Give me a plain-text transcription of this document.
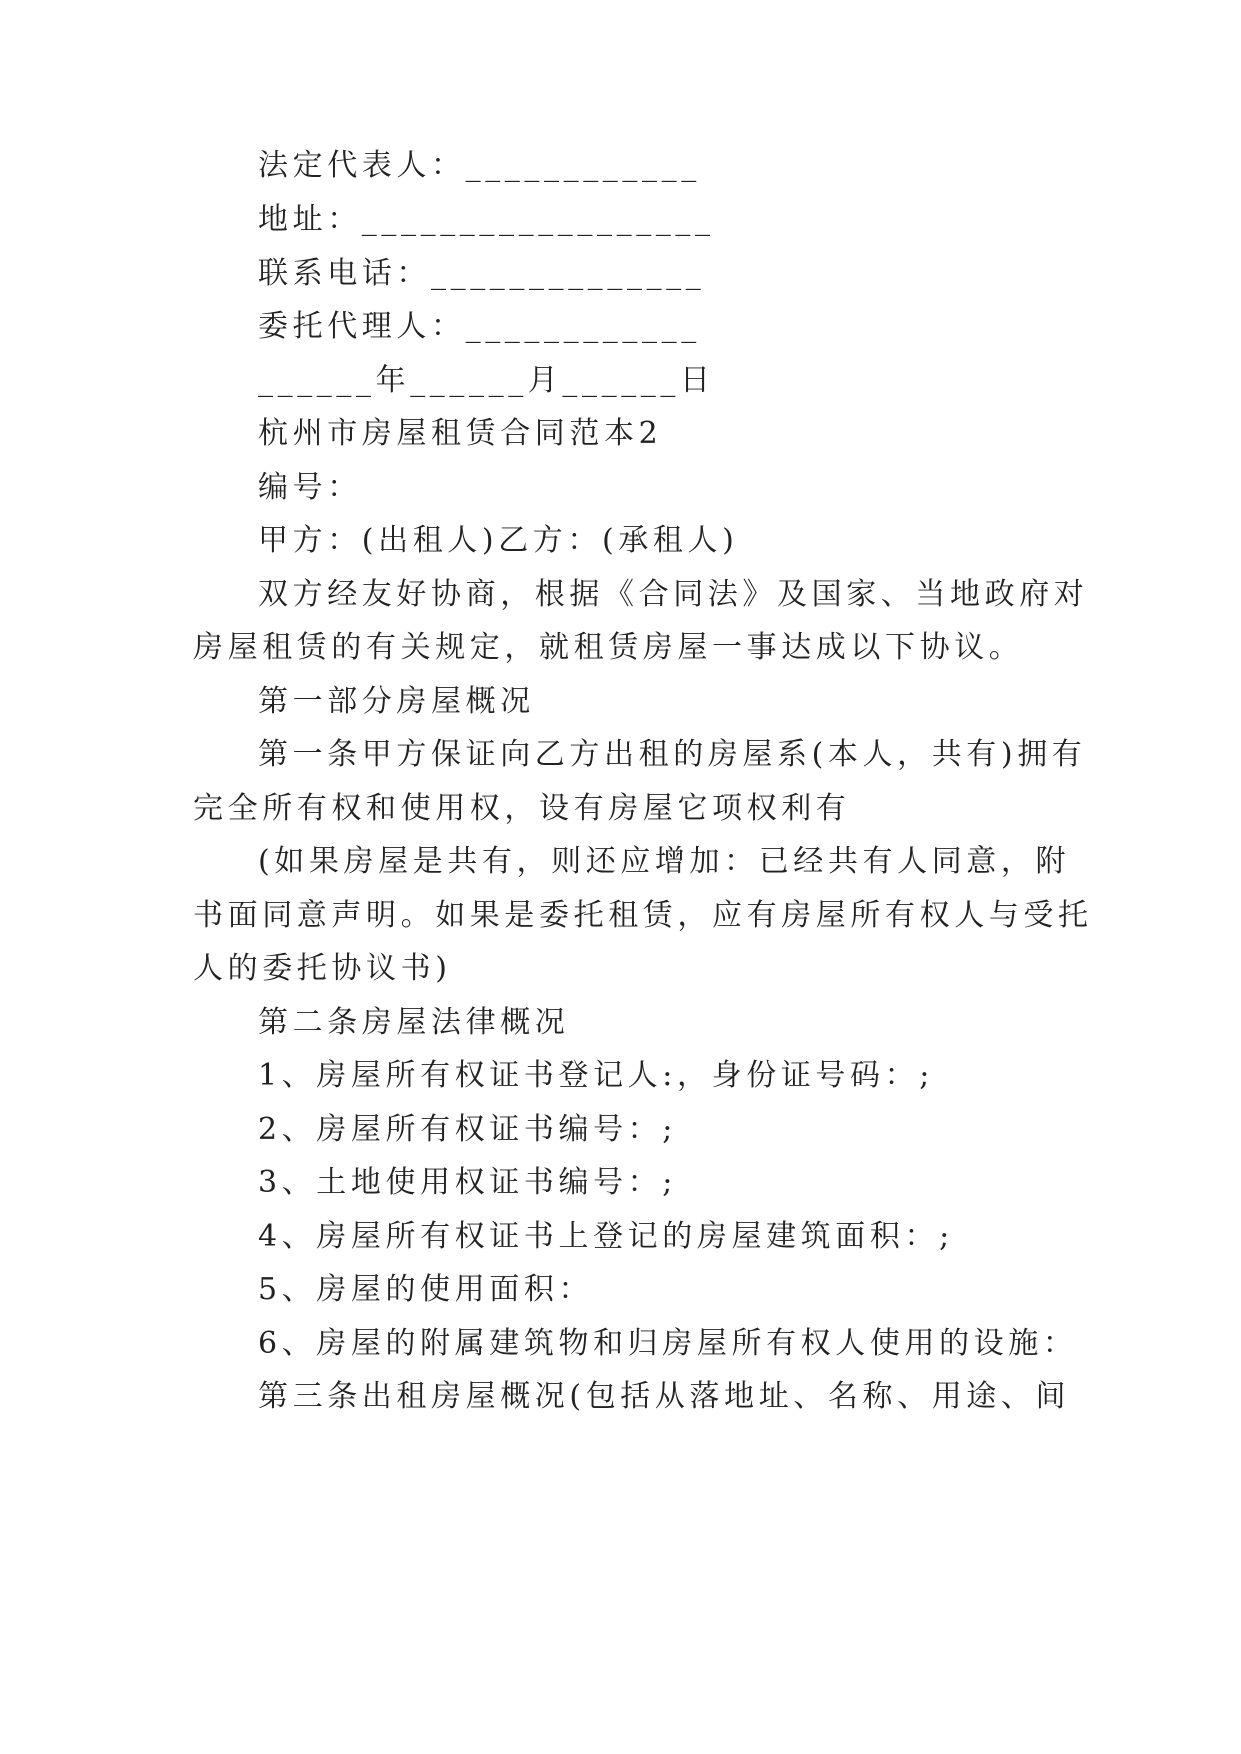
法定代表人：____________
地址：__________________
联系电话：______________
委托代理人：____________
______年______月______日
杭州市房屋租赁合同范本2
编号：
甲方：(出租人)乙方：(承租人)
双方经友好协商，根据《合同法》及国家、当地政府对
房屋租赁的有关规定，就租赁房屋一事达成以下协议。
第一部分房屋概况
第一条甲方保证向乙方出租的房屋系(本人，共有)拥有
完全所有权和使用权，设有房屋它项权利有
(如果房屋是共有，则还应增加：已经共有人同意，附
书面同意声明。如果是委托租赁，应有房屋所有权人与受托
人的委托协议书)
第二条房屋法律概况
1、房屋所有权证书登记人:，身份证号码：;
2、房屋所有权证书编号：;
3、土地使用权证书编号：;
4、房屋所有权证书上登记的房屋建筑面积：;
5、房屋的使用面积：
6、房屋的附属建筑物和归房屋所有权人使用的设施：
第三条出租房屋概况(包括从落地址、名称、用途、间
